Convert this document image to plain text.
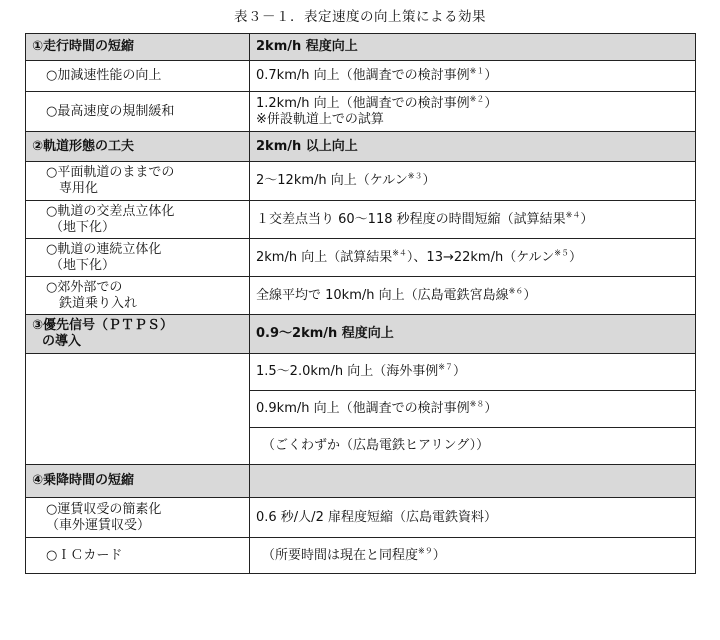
表３－１．表定速度の向上策による効果
①走行時間の短縮	2km/h 程度向上

○加減速性能の向上	0.7km/h 向上（他調査での検討事例$^{※1}$）

○最高速度の規制緩和	1.2km/h 向上（他調査での検討事例$^{※2}$）
※併設軌道上での試算

②軌道形態の工夫	2km/h 以上向上

○平面軌道のままでの
専用化	2～12km/h 向上（ケルン$^{※3}$）

○軌道の交差点立体化
（地下化）	１交差点当り 60～118 秒程度の時間短縮（試算結果$^{※4}$）

○軌道の連続立体化
（地下化）	2km/h 向上（試算結果$^{※4}$）、13→22km/h（ケルン$^{※5}$）

○郊外部での
鉄道乗り入れ	全線平均で 10km/h 向上（広島電鉄宮島線$^{※6}$）

③優先信号（ＰＴＰＳ）
の導入	0.9～2km/h 程度向上

	1.5～2.0km/h 向上（海外事例$^{※7}$）

	0.9km/h 向上（他調査での検討事例$^{※8}$）

	（ごくわずか（広島電鉄ヒアリング））

④乗降時間の短縮	

○運賃収受の簡素化
（車外運賃収受）	0.6 秒/人/2 扉程度短縮（広島電鉄資料）

○ＩＣカード	（所要時間は現在と同程度$^{※9}$）
